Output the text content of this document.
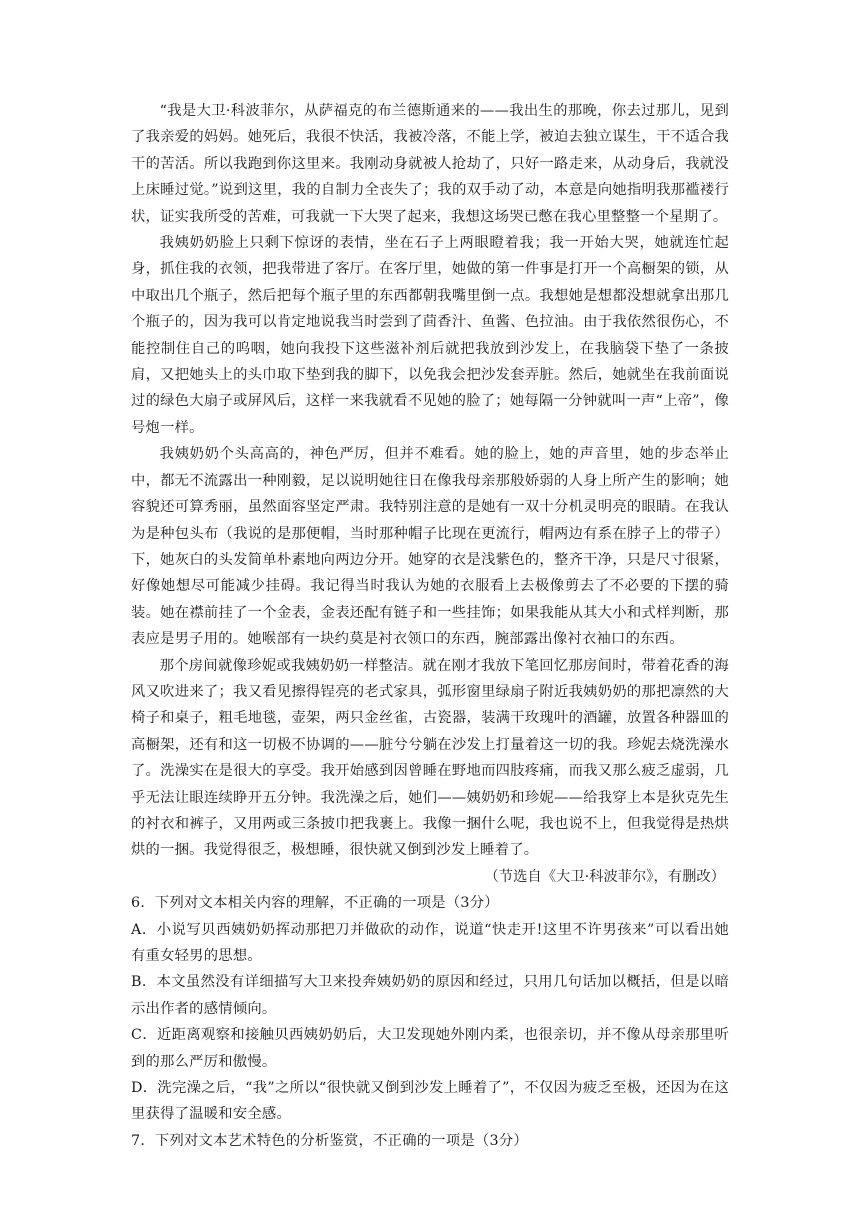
“我是大卫·科波菲尔，从萨福克的布兰德斯通来的——我出生的那晚，你去过那儿，见到了我亲爱的妈妈。她死后，我很不快活，我被冷落，不能上学，被迫去独立谋生，干不适合我干的苦活。所以我跑到你这里来。我刚动身就被人抢劫了，只好一路走来，从动身后，我就没上床睡过觉。”说到这里，我的自制力全丧失了；我的双手动了动，本意是向她指明我那褴褛行状，证实我所受的苦难，可我就一下大哭了起来，我想这场哭已憋在我心里整整一个星期了。

我姨奶奶脸上只剩下惊讶的表情，坐在石子上两眼瞪着我；我一开始大哭，她就连忙起身，抓住我的衣领，把我带进了客厅。在客厅里，她做的第一件事是打开一个高橱架的锁，从中取出几个瓶子，然后把每个瓶子里的东西都朝我嘴里倒一点。我想她是想都没想就拿出那几个瓶子的，因为我可以肯定地说我当时尝到了茴香汁、鱼酱、色拉油。由于我依然很伤心，不能控制住自己的呜咽，她向我投下这些滋补剂后就把我放到沙发上，在我脑袋下垫了一条披肩，又把她头上的头巾取下垫到我的脚下，以免我会把沙发套弄脏。然后，她就坐在我前面说过的绿色大扇子或屏风后，这样一来我就看不见她的脸了；她每隔一分钟就叫一声“上帝”，像号炮一样。

我姨奶奶个头高高的，神色严厉，但并不难看。她的脸上，她的声音里，她的步态举止中，都无不流露出一种刚毅，足以说明她往日在像我母亲那般娇弱的人身上所产生的影响；她容貌还可算秀丽，虽然面容坚定严肃。我特别注意的是她有一双十分机灵明亮的眼睛。在我认为是种包头布（我说的是那便帽，当时那种帽子比现在更流行，帽两边有系在脖子上的带子）下，她灰白的头发简单朴素地向两边分开。她穿的衣是浅紫色的，整齐干净，只是尺寸很紧，好像她想尽可能减少挂碍。我记得当时我认为她的衣服看上去极像剪去了不必要的下摆的骑装。她在襟前挂了一个金表，金表还配有链子和一些挂饰；如果我能从其大小和式样判断，那表应是男子用的。她喉部有一块约莫是衬衣领口的东西，腕部露出像衬衣袖口的东西。

那个房间就像珍妮或我姨奶奶一样整洁。就在刚才我放下笔回忆那房间时，带着花香的海风又吹进来了；我又看见擦得锃亮的老式家具，弧形窗里绿扇子附近我姨奶奶的那把凛然的大椅子和桌子，粗毛地毯，壶架，两只金丝雀，古瓷器，装满干玫瑰叶的酒罐，放置各种器皿的高橱架，还有和这一切极不协调的——脏兮兮躺在沙发上打量着这一切的我。珍妮去烧洗澡水了。洗澡实在是很大的享受。我开始感到因曾睡在野地而四肢疼痛，而我又那么疲乏虚弱，几乎无法让眼连续睁开五分钟。我洗澡之后，她们——姨奶奶和珍妮——给我穿上本是狄克先生的衬衣和裤子，又用两或三条披巾把我裹上。我像一捆什么呢，我也说不上，但我觉得是热烘烘的一捆。我觉得很乏，极想睡，很快就又倒到沙发上睡着了。

（节选自《大卫·科波菲尔》，有删改）

6．下列对文本相关内容的理解，不正确的一项是（3分）

A．小说写贝西姨奶奶挥动那把刀并做砍的动作，说道“快走开!这里不许男孩来”可以看出她有重女轻男的思想。

B．本文虽然没有详细描写大卫来投奔姨奶奶的原因和经过，只用几句话加以概括，但是以暗示出作者的感情倾向。

C．近距离观察和接触贝西姨奶奶后，大卫发现她外刚内柔，也很亲切，并不像从母亲那里听到的那么严厉和傲慢。

D．洗完澡之后，“我”之所以“很快就又倒到沙发上睡着了”，不仅因为疲乏至极，还因为在这里获得了温暖和安全感。

7．下列对文本艺术特色的分析鉴赏，不正确的一项是（3分）
